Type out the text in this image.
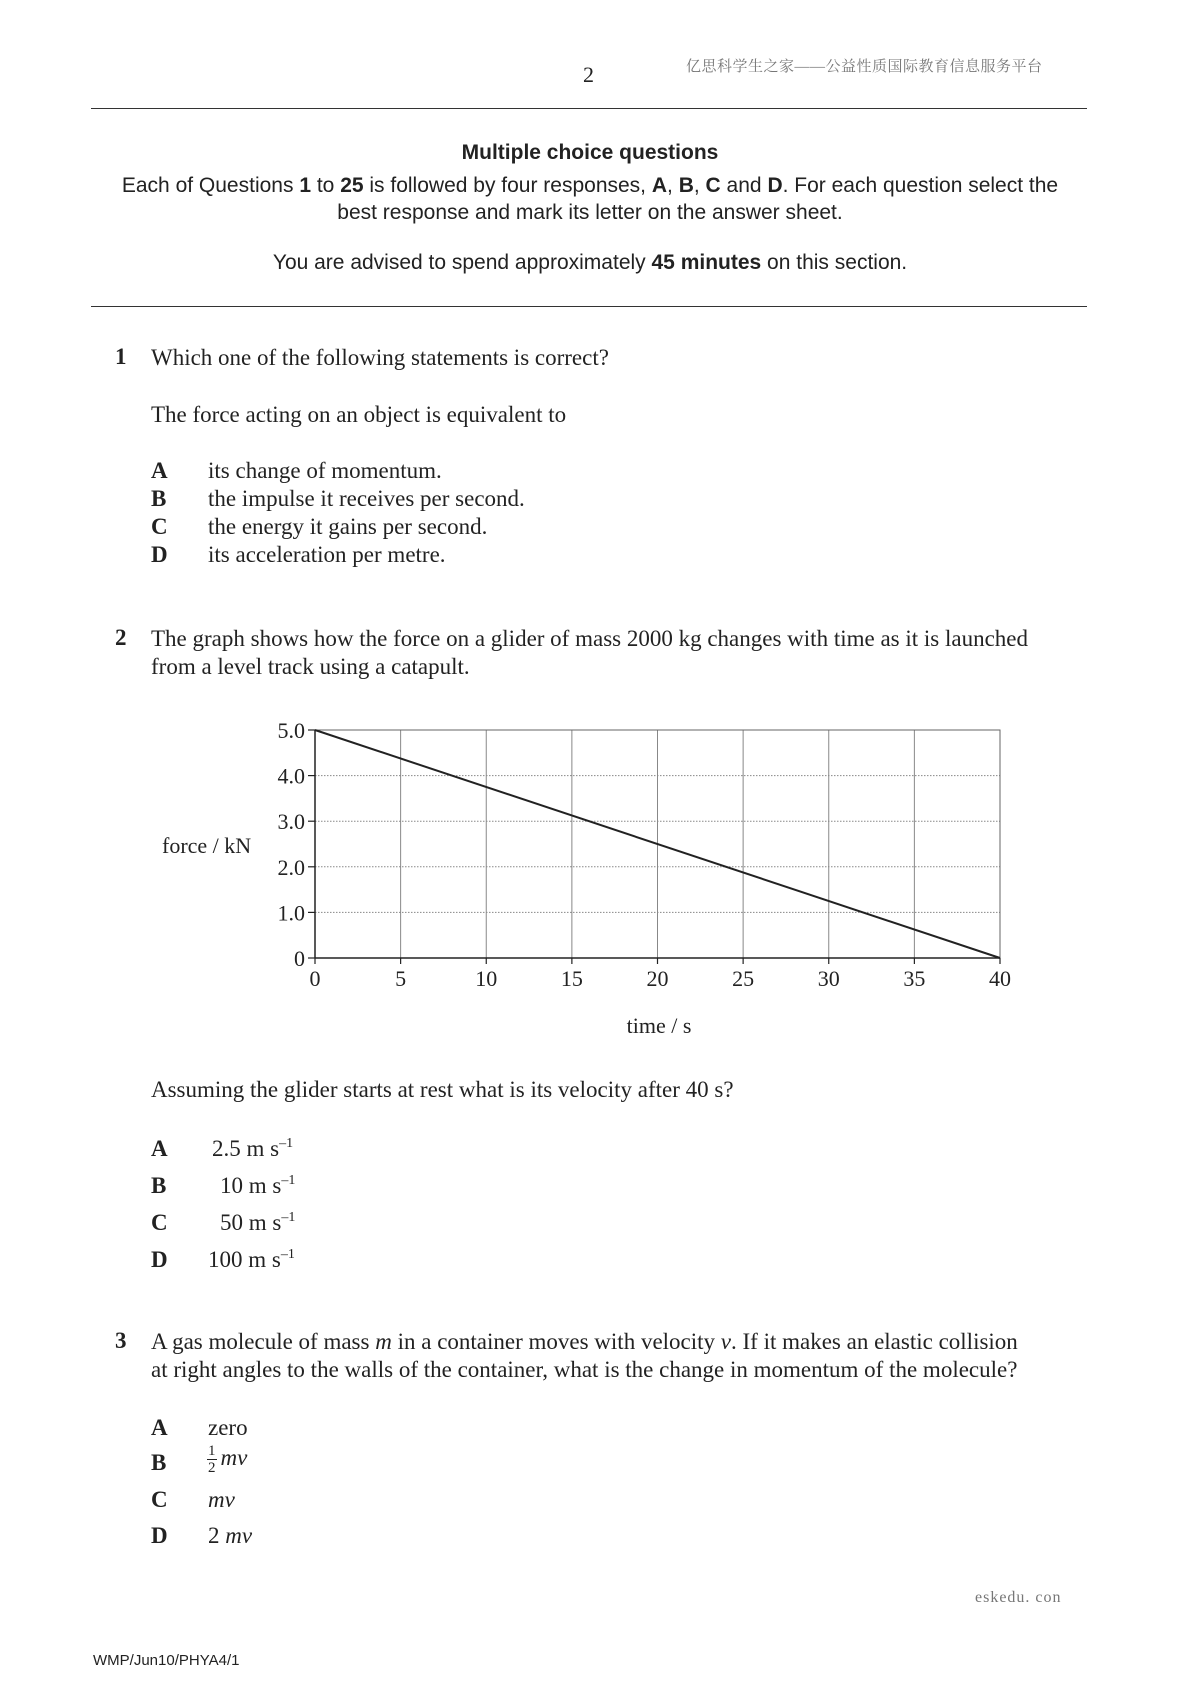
亿思科学生之家——公益性质国际教育信息服务平台
2
Multiple choice questions
Each of Questions 1 to 25 is followed by four responses, A, B, C and D. For each question select the best response and mark its letter on the answer sheet.
You are advised to spend approximately 45 minutes on this section.
1 Which one of the following statements is correct?
The force acting on an object is equivalent to
A its change of momentum.
B the impulse it receives per second.
C the energy it gains per second.
D its acceleration per metre.
2 The graph shows how the force on a glider of mass 2000 kg changes with time as it is launched
from a level track using a catapult.
0	5	10	15	20	25	30	35	40
0
1.0
2.0
3.0
4.0
5.0
force / kN
time / s
Assuming the glider starts at rest what is its velocity after 40 s?
A 2.5 m $s^{-1}$
B 10 m $s^{-1}$
C 50 m $s^{-1}$
D 100 m $s^{-1}$
3 A gas molecule of mass m in a container moves with velocity v. If it makes an elastic collision
at right angles to the walls of the container, what is the change in momentum of the molecule?
A zero
B	$\frac{1}{2}$ mv
C mv
D 2 mv
eskedu. con
WMP/Jun10/PHYA4/1
